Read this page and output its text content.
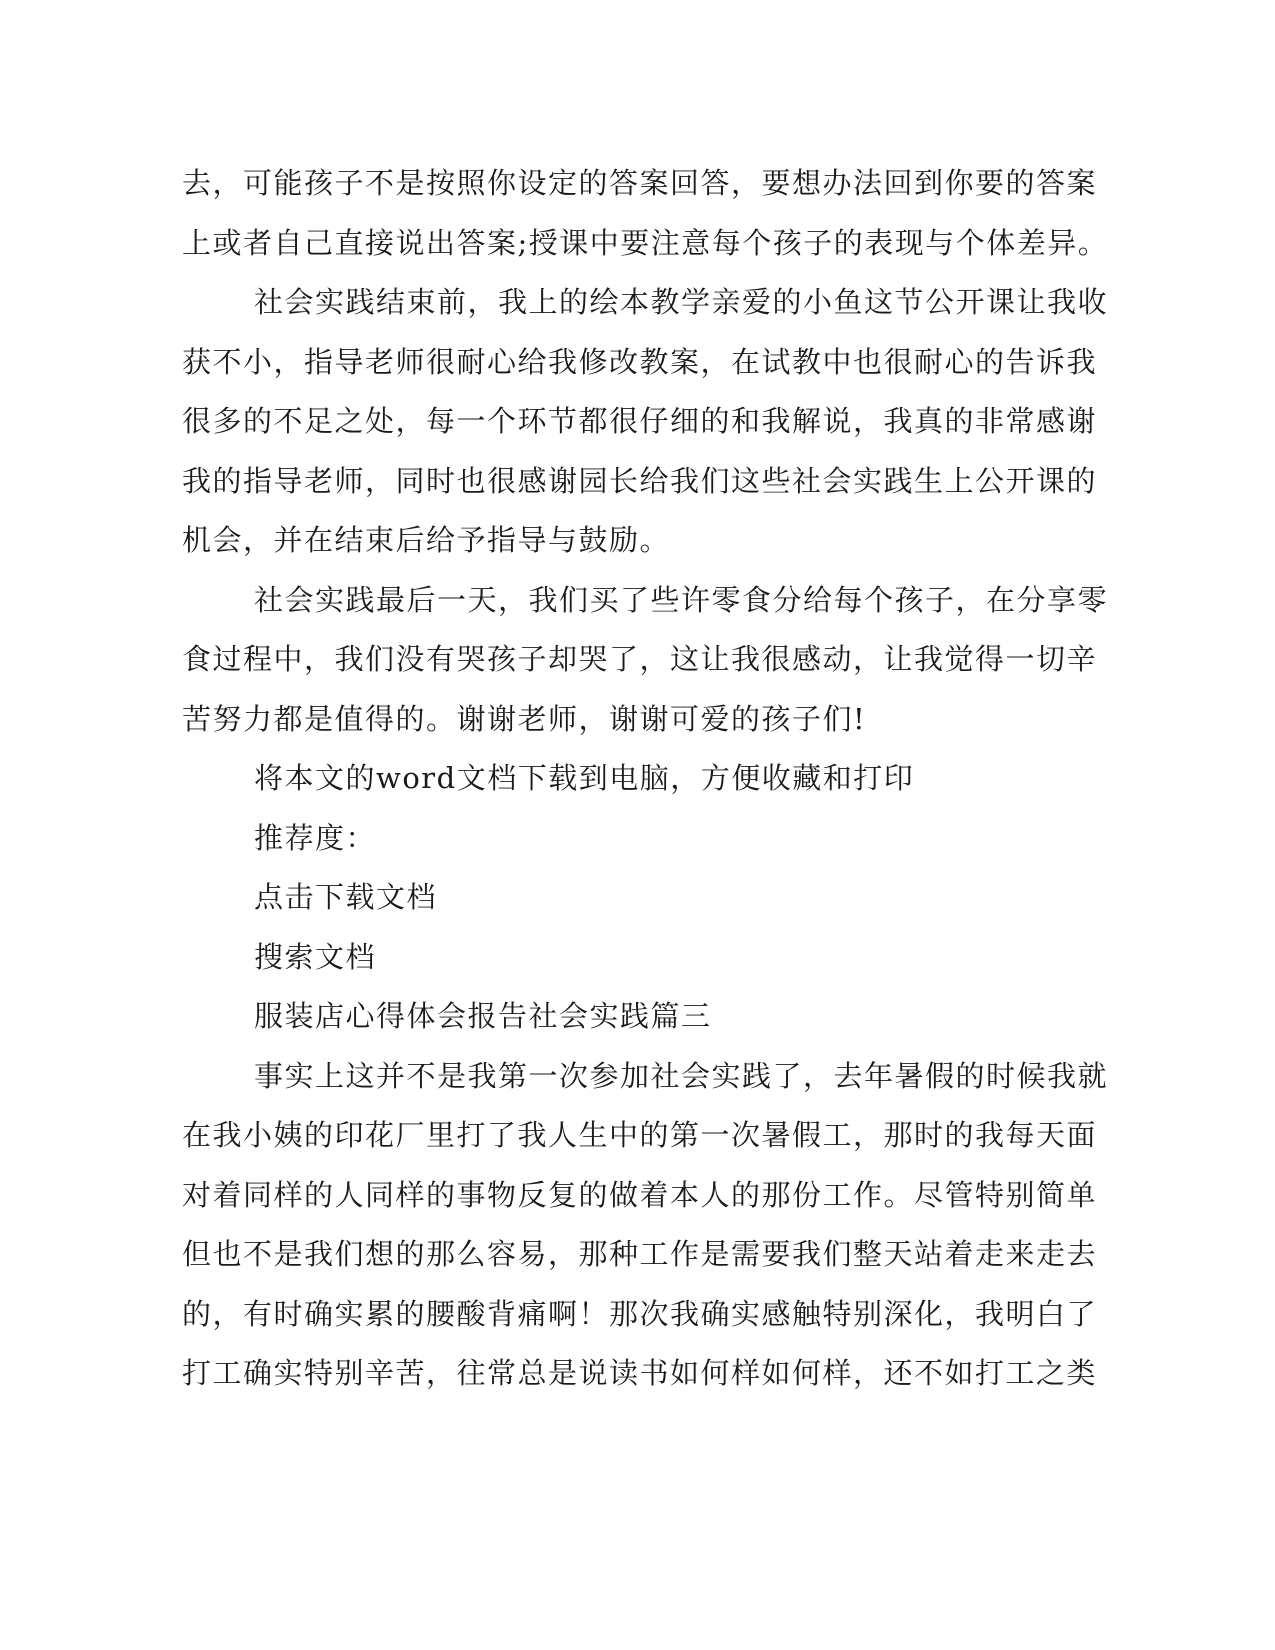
去，可能孩子不是按照你设定的答案回答，要想办法回到你要的答案
上或者自己直接说出答案;授课中要注意每个孩子的表现与个体差异。

社会实践结束前，我上的绘本教学亲爱的小鱼这节公开课让我收
获不小，指导老师很耐心给我修改教案，在试教中也很耐心的告诉我
很多的不足之处，每一个环节都很仔细的和我解说，我真的非常感谢
我的指导老师，同时也很感谢园长给我们这些社会实践生上公开课的
机会，并在结束后给予指导与鼓励。

社会实践最后一天，我们买了些许零食分给每个孩子，在分享零
食过程中，我们没有哭孩子却哭了，这让我很感动，让我觉得一切辛
苦努力都是值得的。谢谢老师，谢谢可爱的孩子们!

将本文的word文档下载到电脑，方便收藏和打印

推荐度：

点击下载文档

搜索文档

服装店心得体会报告社会实践篇三

事实上这并不是我第一次参加社会实践了，去年暑假的时候我就
在我小姨的印花厂里打了我人生中的第一次暑假工，那时的我每天面
对着同样的人同样的事物反复的做着本人的那份工作。尽管特别简单
但也不是我们想的那么容易，那种工作是需要我们整天站着走来走去
的，有时确实累的腰酸背痛啊！那次我确实感触特别深化，我明白了
打工确实特别辛苦，往常总是说读书如何样如何样，还不如打工之类
